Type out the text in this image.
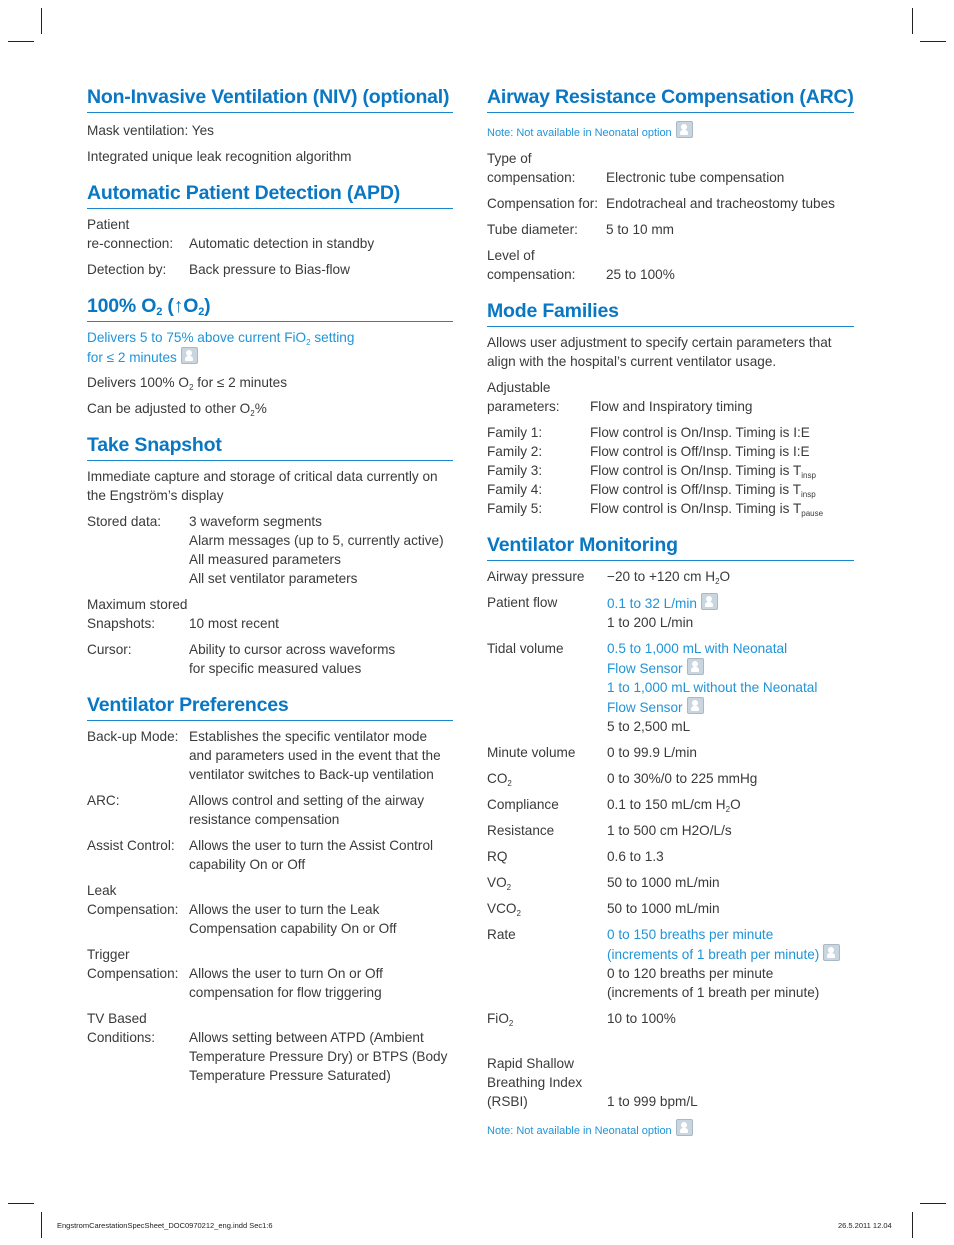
Non-Invasive Ventilation (NIV) (optional)
Mask ventilation: Yes
Integrated unique leak recognition algorithm
Automatic Patient Detection (APD)
Patient
re-connection:	Automatic detection in standby
Detection by:	Back pressure to Bias-flow
100% $O_2$ $(↑O_2)$
Delivers 5 to 75% above current FiO$_2$ setting
for ≤ 2 minutes
Delivers 100% $O_2$ for ≤ 2 minutes
Can be adjusted to other $O_2\%$
Take Snapshot
Immediate capture and storage of critical data currently on the Engström’s display
Stored data:	3 waveform segments
Alarm messages (up to 5, currently active)
All measured parameters
All set ventilator parameters
Maximum stored
Snapshots:	10 most recent
Cursor:	Ability to cursor across waveforms
for specific measured values
Ventilator Preferences
Back-up Mode: Establishes the specific ventilator mode and parameters used in the event that the ventilator switches to Back-up ventilation
ARC:	Allows control and setting of the airway resistance compensation
Assist Control:	Allows the user to turn the Assist Control capability On or Off
Leak
Compensation: Allows the user to turn the Leak Compensation capability On or Off
Trigger
Compensation: Allows the user to turn On or Off compensation for flow triggering
TV Based
Conditions:	Allows setting between ATPD (Ambient Temperature Pressure Dry) or BTPS (Body Temperature Pressure Saturated)
Airway Resistance Compensation (ARC)
Note: Not available in Neonatal option
Type of
compensation:	Electronic tube compensation
Compensation for: Endotracheal and tracheostomy tubes
Tube diameter:	5 to 10 mm
Level of
compensation:	25 to 100%
Mode Families
Allows user adjustment to specify certain parameters that align with the hospital’s current ventilator usage.
Adjustable
parameters:	Flow and Inspiratory timing
Family 1:	Flow control is On/Insp. Timing is I:E
Family 2:	Flow control is Off/Insp. Timing is I:E
Family 3:	Flow control is On/Insp. Timing is $T_{insp}$
Family 4:	Flow control is Off/Insp. Timing is $T_{insp}$
Family 5:	Flow control is On/Insp. Timing is $T_{pause}$
Ventilator Monitoring
Airway pressure	−20 to +120 cm $H_2O$
Patient flow	0.1 to 32 L/min
1 to 200 L/min
Tidal volume	0.5 to 1,000 mL with Neonatal
Flow Sensor
1 to 1,000 mL without the Neonatal
Flow Sensor
5 to 2,500 mL
Minute volume	0 to 99.9 L/min
$CO_2$	0 to 30%/0 to 225 mmHg
Compliance	0.1 to 150 mL/cm $H_2O$
Resistance	1 to 500 cm H2O/L/s
RQ	0.6 to 1.3
$VO_2$	50 to 1000 mL/min
$VCO_2$	50 to 1000 mL/min
Rate	0 to 150 breaths per minute
(increments of 1 breath per minute)
0 to 120 breaths per minute
(increments of 1 breath per minute)
FiO$_2$	10 to 100%

Rapid Shallow
Breathing Index
(RSBI)	1 to 999 bpm/L
Note: Not available in Neonatal option
EngstromCarestationSpecSheet_DOC0970212_eng.indd Sec1:6	26.5.2011 12.04
